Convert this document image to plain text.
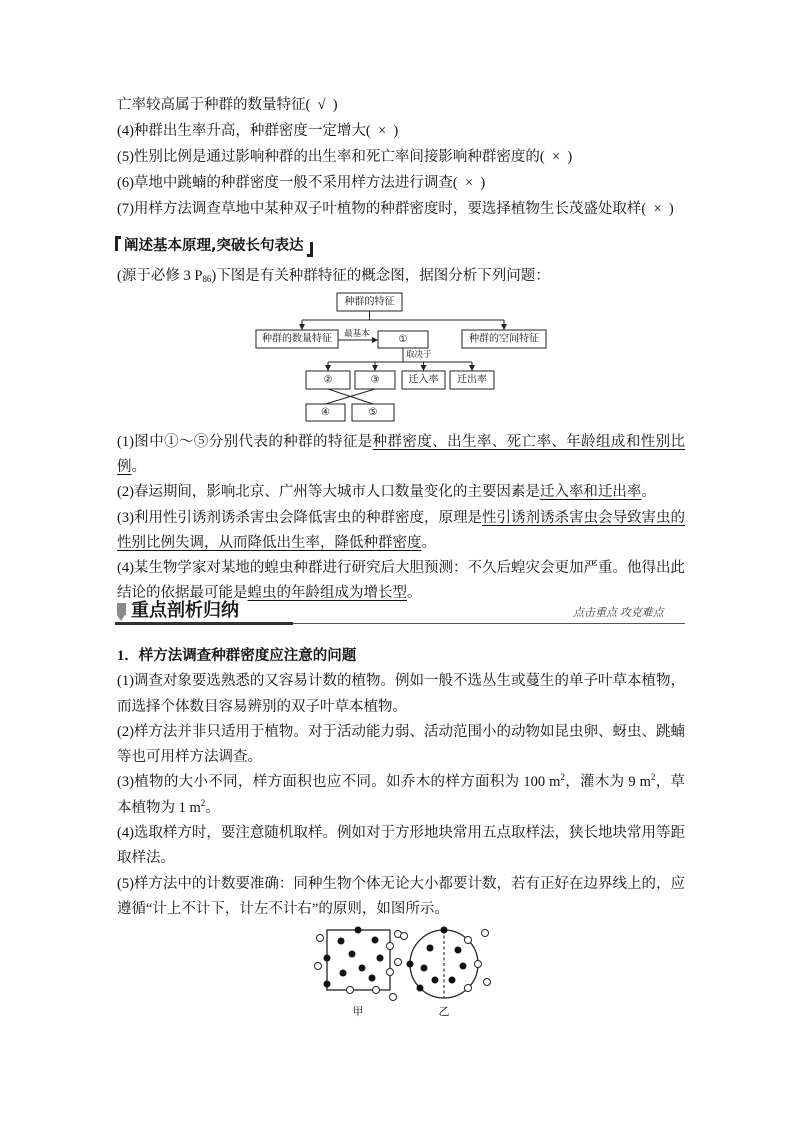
亡率较高属于种群的数量特征(  √  )

(4)种群出生率升高，种群密度一定增大(  ×  )

(5)性别比例是通过影响种群的出生率和死亡率间接影响种群密度的(  ×  )

(6)草地中跳蝻的种群密度一般不采用样方法进行调查(  ×  )

(7)用样方法调查草地中某种双子叶植物的种群密度时，要选择植物生长茂盛处取样(  ×  )

阐述基本原理,突破长句表达

(源于必修 3 $P_{86}$)下图是有关种群特征的概念图，据图分析下列问题：

种群的特征
种群的数量特征
最基本
①	种群的空间特征
取决于
②	③	迁入率 迁出率
④	⑤

(1)图中①～⑤分别代表的种群的特征是种群密度、出生率、死亡率、年龄组成和性别比例。

(2)春运期间，影响北京、广州等大城市人口数量变化的主要因素是迁入率和迁出率。

(3)利用性引诱剂诱杀害虫会降低害虫的种群密度，原理是性引诱剂诱杀害虫会导致害虫的性别比例失调，从而降低出生率，降低种群密度。

(4)某生物学家对某地的蝗虫种群进行研究后大胆预测：不久后蝗灾会更加严重。他得出此结论的依据最可能是蝗虫的年龄组成为增长型。

重点剖析归纳	点击重点 攻克难点

1．样方法调查种群密度应注意的问题

(1)调查对象要选熟悉的又容易计数的植物。例如一般不选丛生或蔓生的单子叶草本植物，而选择个体数目容易辨别的双子叶草本植物。

(2)样方法并非只适用于植物。对于活动能力弱、活动范围小的动物如昆虫卵、蚜虫、跳蝻等也可用样方法调查。

(3)植物的大小不同，样方面积也应不同。如乔木的样方面积为 100 $m^2$，灌木为 9 $m^2$，草本植物为 1 $m^2$。

(4)选取样方时，要注意随机取样。例如对于方形地块常用五点取样法，狭长地块常用等距取样法。

(5)样方法中的计数要准确：同种生物个体无论大小都要计数，若有正好在边界线上的，应遵循“计上不计下，计左不计右”的原则，如图所示。

甲	乙
